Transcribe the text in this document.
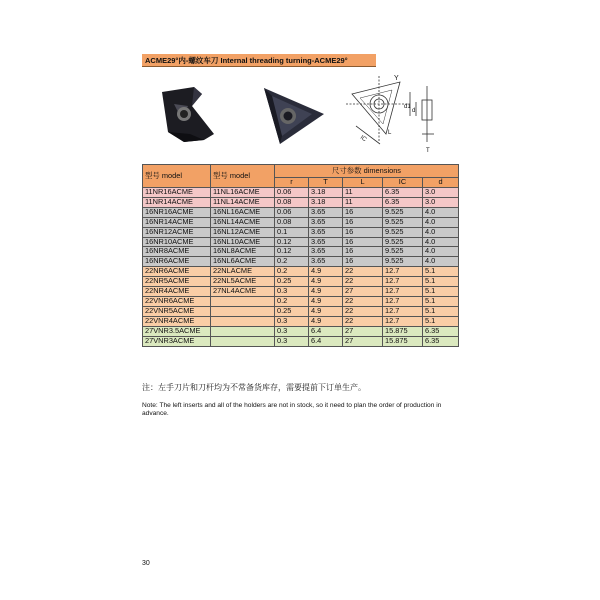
ACME29°内-螺纹车刀 Internal threading turning-ACME29°
Y
d1
d
IC
L
T
型号 model	型号 model	尺寸参数 dimensions				
		r	T	L	IC	d
11NR16ACME	11NL16ACME	0.06	3.18	11	6.35	3.0
11NR14ACME	11NL14ACME	0.08	3.18	11	6.35	3.0
16NR16ACME	16NL16ACME	0.06	3.65	16	9.525	4.0
16NR14ACME	16NL14ACME	0.08	3.65	16	9.525	4.0
16NR12ACME	16NL12ACME	0.1	3.65	16	9.525	4.0
16NR10ACME	16NL10ACME	0.12	3.65	16	9.525	4.0
16NR8ACME	16NL8ACME	0.12	3.65	16	9.525	4.0
16NR6ACME	16NL6ACME	0.2	3.65	16	9.525	4.0
22NR6ACME	22NLACME	0.2	4.9	22	12.7	5.1
22NR5ACME	22NL5ACME	0.25	4.9	22	12.7	5.1
22NR4ACME	27NL4ACME	0.3	4.9	27	12.7	5.1
22VNR6ACME		0.2	4.9	22	12.7	5.1
22VNR5ACME		0.25	4.9	22	12.7	5.1
22VNR4ACME		0.3	4.9	22	12.7	5.1
27VNR3.5ACME		0.3	6.4	27	15.875	6.35
27VNR3ACME		0.3	6.4	27	15.875	6.35
注：左手刀片和刀杆均为不常备货库存，需要提前下订单生产。
Note: The left inserts and all of the holders are not in stock, so it need to plan the order of production in advance.
30
